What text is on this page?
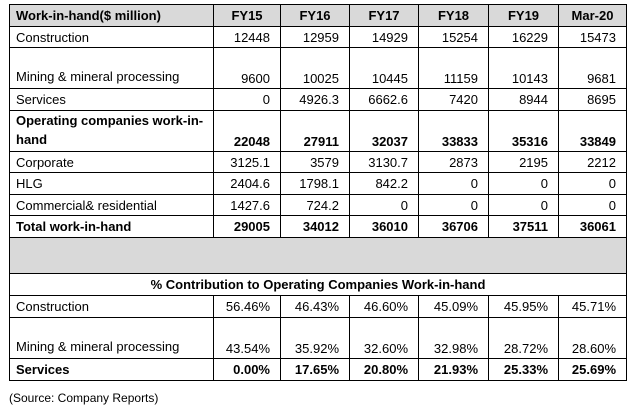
Work-in-hand($ million)	FY15	FY16	FY17	FY18	FY19	Mar-20
Construction	12448	12959	14929	15254	16229	15473
Mining & mineral processing	9600	10025	10445	11159	10143	9681
Services	0	4926.3	6662.6	7420	8944	8695
Operating companies work-in-hand	22048	27911	32037	33833	35316	33849
Corporate	3125.1	3579	3130.7	2873	2195	2212
HLG	2404.6	1798.1	842.2	0	0	0
Commercial& residential	1427.6	724.2	0	0	0	0
Total work-in-hand	29005	34012	36010	36706	37511	36061

% Contribution to Operating Companies Work-in-hand						
Construction	56.46%	46.43%	46.60%	45.09%	45.95%	45.71%
Mining & mineral processing	43.54%	35.92%	32.60%	32.98%	28.72%	28.60%
Services	0.00%	17.65%	20.80%	21.93%	25.33%	25.69%
(Source: Company Reports)
